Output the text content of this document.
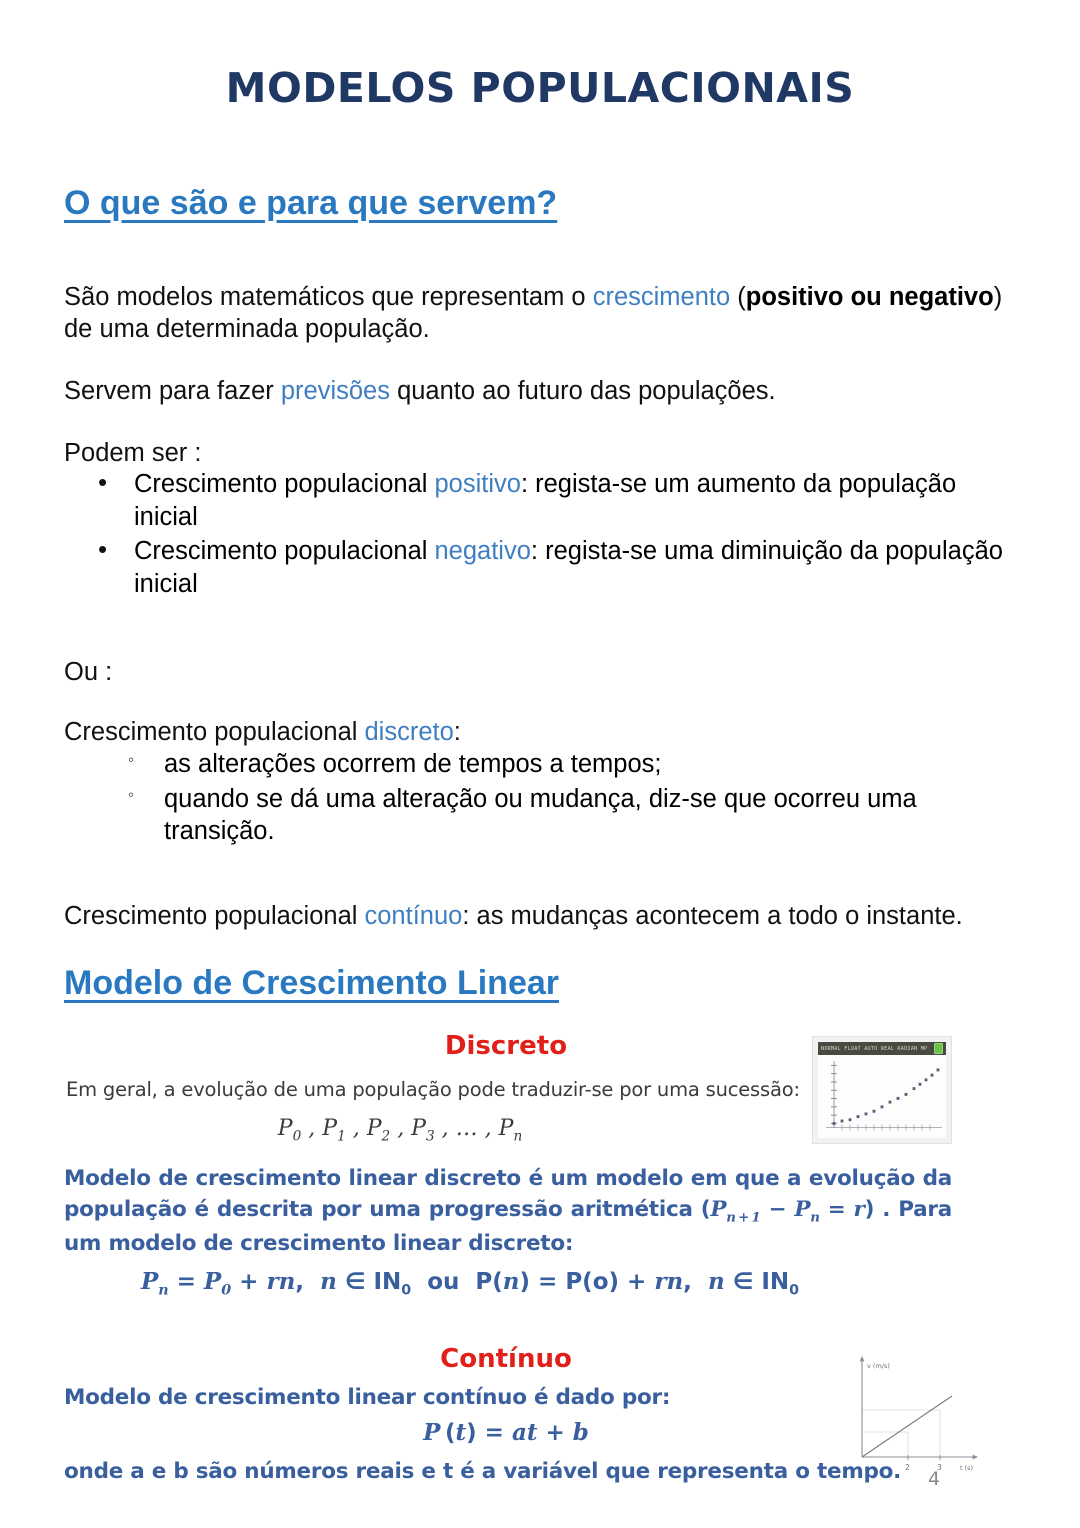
MODELOS POPULACIONAIS
O que são e para que servem?

São modelos matemáticos que representam o crescimento (positivo ou negativo) de uma determinada população.

Servem para fazer previsões quanto ao futuro das populações.

Podem ser :

• Crescimento populacional positivo: regista-se um aumento da população inicial
• Crescimento populacional negativo: regista-se uma diminuição da população inicial

Ou :

Crescimento populacional discreto:

◦ as alterações ocorrem de tempos a tempos;
◦ quando se dá uma alteração ou mudança, diz-se que ocorreu uma transição.

Crescimento populacional contínuo: as mudanças acontecem a todo o instante.

Modelo de Crescimento Linear
Discreto
Em geral, a evolução de uma população pode traduzir-se por uma sucessão:
$P_0$ , $P_1$ , $P_2$ , $P_3$ , … , $P_n$
Modelo de crescimento linear discreto é um modelo em que a evolução da população é descrita por uma progressão aritmética $(P_{n + 1} - P_n = r)$ . Para um modelo de crescimento linear discreto:
$P_n = P_0$ + rn, n ∈ $IN_0$ ou P(n) = P(o) + rn, n ∈ $IN_0$
Contínuo
Modelo de crescimento linear contínuo é dado por:
P (t) = at + b
onde a e b são números reais e t é a variável que representa o tempo.
NORMAL FLOAT AUTO REAL RADIAN MP
v (m/s)
2	3	t (s)
4
